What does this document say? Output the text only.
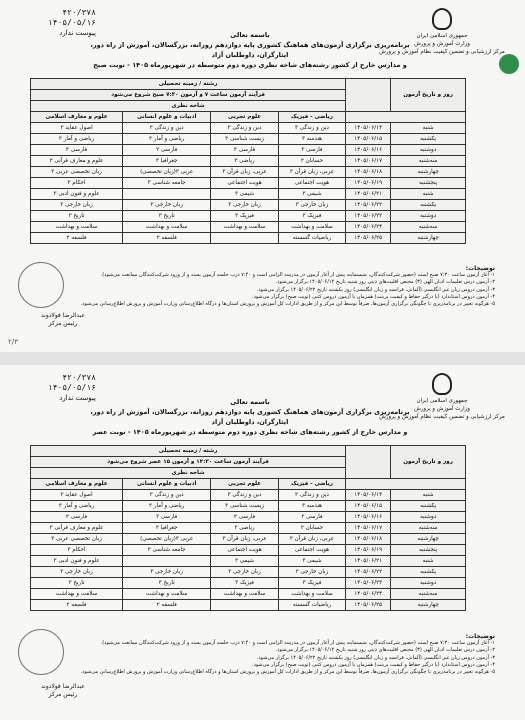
۴۲۰/۳۷۸
۱۴۰۵/۰۵/۱۶
پیوست ندارد	جمهوری اسلامی ایران
وزارت آموزش و پرورش
مرکز ارزشیابی و تضمین کیفیت نظام آموزش و پرورش
باسمه تعالی
برنامه‌ریزی برگزاری آزمون‌های هماهنگ کشوری پایه دوازدهم روزانه، بزرگسالان، آموزش از راه دور، ایثارگران، داوطلبان آزاد
و مدارس خارج از کشور رشته‌های شاخه نظری دوره دوم متوسطه در شهریورماه ۱۴۰۵ - نوبت صبح
روز و تاریخ آزمون		رشته / زمینه تحصیلی			
		فرآیند آزمون ساعت ۷ و آزمون ۷:۳۰ صبح شروع می‌شود			
		شاخه نظری			
		ریاضی - فیزیک	علوم تجربی	ادبیات و علوم انسانی	علوم و معارف اسلامی
شنبه	۱۴۰۵/۰۶/۱۴	دین و زندگی ۳	دین و زندگی ۳	دین و زندگی ۳	اصول عقاید ۳
یکشنبه	۱۴۰۵/۰۶/۱۵	هندسه ۳	زیست شناسی ۳	ریاضی و آمار ۳	ریاضی و آمار ۳
دوشنبه	۱۴۰۵/۰۶/۱۶	فارسی ۳	فارسی ۳	فارسی ۳	فارسی ۳
سه‌شنبه	۱۴۰۵/۰۶/۱۷	حسابان ۲	ریاضی ۳	جغرافیا ۳	علوم و معارف قرآنی ۳
چهارشنبه	۱۴۰۵/۰۶/۱۸	عربی، زبان قرآن ۳	عربی، زبان قرآن ۳	عربی ۳(زبان تخصصی)	زبان تخصصی عربی ۳
پنجشنبه	۱۴۰۵/۰۶/۱۹	هویت اجتماعی	هویت اجتماعی	جامعه شناسی ۳	احکام ۳
شنبه	۱۴۰۵/۰۶/۲۱	شیمی ۳	شیمی ۳		علوم و فنون ادبی ۳
یکشنبه	۱۴۰۵/۰۶/۲۲	زبان خارجی ۳	زبان خارجی ۳	زبان خارجی ۳	زبان خارجی ۳
دوشنبه	۱۴۰۵/۰۶/۲۳	فیزیک ۳	فیزیک ۳	تاریخ ۳	تاریخ ۳
سه‌شنبه	۱۴۰۵/۰۶/۲۴	سلامت و بهداشت	سلامت و بهداشت	سلامت و بهداشت	سلامت و بهداشت
چهارشنبه	۱۴۰۵/۰۶/۲۵	ریاضیات گسسته		فلسفه ۲	فلسفه ۲
توضیحات:
۱- آغاز آزمون ساعت ۷:۳۰ صبح است (حضور شرکت‌کنندگان، شیسماینه پیش از آغاز آزمون در مدرسه الزامی است و ۷:۴۰ درب جلسه آزمون بسته و از ورود شرکت‌کنندگان ممانعت می‌شود).
۲- آزمون درس تعلیمات ادیان الهی (۳) مختص اقلیت‌های دینی روز شنبه تاریخ ۱۴۰۵/۰۶/۱۴ برگزار می‌شود.
۳- آزمون دروس زبان غیر انگلیسی (آلمانی، فرانسه و زبان انگلیسی) روز یکشنبه تاریخ ۱۴۰۵/۰۶/۲۲ برگزار می‌شود.
۴- آزمون دروس استاندارد (با درگیر حفاظ و کیفیت پرینت) همزمان با آزمون دروس کتبی (نوبت صبح) برگزار می‌شود.
۵- هرگونه تغییر در برنامه‌ریزی با چگونگی برگزاری آزمون‌ها، صرفاً توسط این مرکز و از طریق ادارات کل آموزش و پرورش استان‌ها و درگاه اطلاع‌رسانی وزارت آموزش و پرورش اطلاع‌رسانی می‌شود.
عبدالرضا فولادوند
رئیس مرکز
۲/۳
۴۲۰/۳۷۸
۱۴۰۵/۰۵/۱۶
پیوست ندارد	جمهوری اسلامی ایران
وزارت آموزش و پرورش
مرکز ارزشیابی و تضمین کیفیت نظام آموزش و پرورش
باسمه تعالی
برنامه‌ریزی برگزاری آزمون‌های هماهنگ کشوری پایه دوازدهم روزانه، بزرگسالان، آموزش از راه دور، ایثارگران، داوطلبان آزاد
و مدارس خارج از کشور رشته‌های شاخه نظری دوره دوم متوسطه در شهریورماه ۱۴۰۵ - نوبت عصر
روز و تاریخ آزمون		رشته / زمینه تحصیلی			
		فرآیند آزمون ساعت ۱۴:۳۰ و آزمون ۱۵ عصر شروع می‌شود			
		شاخه نظری			
		ریاضی - فیزیک	علوم تجربی	ادبیات و علوم انسانی	علوم و معارف اسلامی
شنبه	۱۴۰۵/۰۶/۱۴	دین و زندگی ۳	دین و زندگی ۳	دین و زندگی ۳	اصول عقاید ۳
یکشنبه	۱۴۰۵/۰۶/۱۵	هندسه ۳	زیست شناسی ۳	ریاضی و آمار ۳	ریاضی و آمار ۳
دوشنبه	۱۴۰۵/۰۶/۱۶	فارسی ۳	فارسی ۳	فارسی ۳	فارسی ۳
سه‌شنبه	۱۴۰۵/۰۶/۱۷	حسابان ۲	ریاضی ۳	جغرافیا ۳	علوم و معارف قرآنی ۳
چهارشنبه	۱۴۰۵/۰۶/۱۸	عربی، زبان قرآن ۳	عربی، زبان قرآن ۳	عربی ۳(زبان تخصصی)	زبان تخصصی عربی ۳
پنجشنبه	۱۴۰۵/۰۶/۱۹	هویت اجتماعی	هویت اجتماعی	جامعه شناسی ۳	احکام ۳
شنبه	۱۴۰۵/۰۶/۲۱	شیمی ۳	شیمی ۳		علوم و فنون ادبی ۳
یکشنبه	۱۴۰۵/۰۶/۲۲	زبان خارجی ۳	زبان خارجی ۳	زبان خارجی ۳	زبان خارجی ۳
دوشنبه	۱۴۰۵/۰۶/۲۳	فیزیک ۳	فیزیک ۳	تاریخ ۳	تاریخ ۳
سه‌شنبه	۱۴۰۵/۰۶/۲۴	سلامت و بهداشت	سلامت و بهداشت	سلامت و بهداشت	سلامت و بهداشت
چهارشنبه	۱۴۰۵/۰۶/۲۵	ریاضیات گسسته		فلسفه ۲	فلسفه ۲
توضیحات:
۱- آغاز آزمون ساعت ۷:۳۰ صبح است (حضور شرکت‌کنندگان، شیسماینه پیش از آغاز آزمون در مدرسه الزامی است و ۷:۴۰ درب جلسه آزمون بسته و از ورود شرکت‌کنندگان ممانعت می‌شود).
۲- آزمون درس تعلیمات ادیان الهی (۳) مختص اقلیت‌های دینی روز شنبه تاریخ ۱۴۰۵/۰۶/۱۴ برگزار می‌شود.
۳- آزمون دروس زبان غیر انگلیسی (آلمانی، فرانسه و زبان انگلیسی) روز یکشنبه تاریخ ۱۴۰۵/۰۶/۲۲ برگزار می‌شود.
۴- آزمون دروس استاندارد (با درگیر حفاظ و کیفیت پرینت) همزمان با آزمون دروس کتبی (نوبت صبح) برگزار می‌شود.
۵- هرگونه تغییر در برنامه‌ریزی با چگونگی برگزاری آزمون‌ها، صرفاً توسط این مرکز و از طریق ادارات کل آموزش و پرورش استان‌ها و درگاه اطلاع‌رسانی وزارت آموزش و پرورش اطلاع‌رسانی می‌شود.
عبدالرضا فولادوند
رئیس مرکز
